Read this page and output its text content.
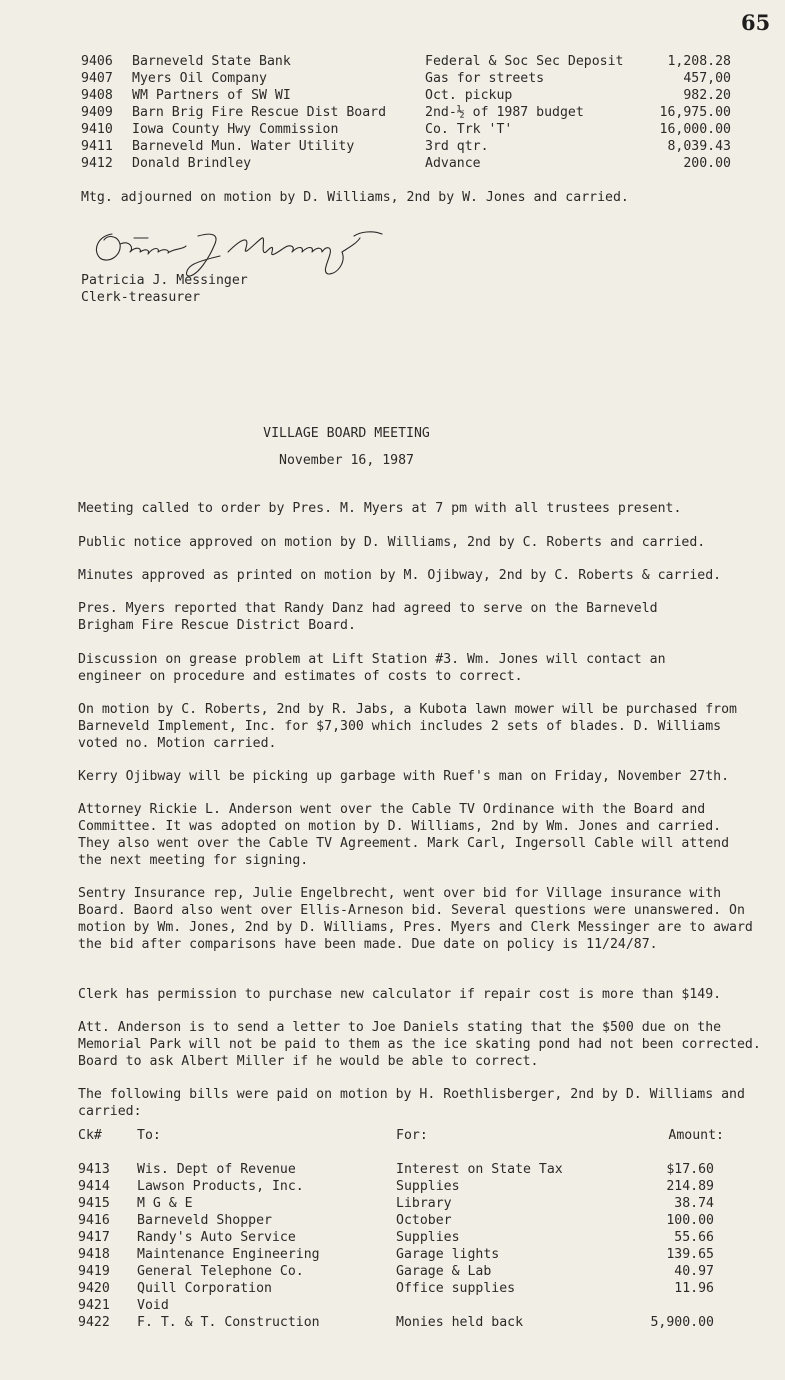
65
9406 Barneveld State Bank	Federal & Soc Sec Deposit	1,208.28
9407 Myers Oil Company	Gas for streets	457,00
9408 WM Partners of SW WI	Oct. pickup	982.20
9409 Barn Brig Fire Rescue Dist Board	2nd-½ of 1987 budget	16,975.00
9410 Iowa County Hwy Commission	Co. Trk 'T'	16,000.00
9411 Barneveld Mun. Water Utility	3rd qtr.	8,039.43
9412 Donald Brindley	Advance	200.00
Mtg. adjourned on motion by D. Williams, 2nd by W. Jones and carried.
Patricia J. Messinger
Clerk-treasurer
VILLAGE BOARD MEETING
November 16, 1987
Meeting called to order by Pres. M. Myers at 7 pm with all trustees present.
Public notice approved on motion by D. Williams, 2nd by C. Roberts and carried.
Minutes approved as printed on motion by M. Ojibway, 2nd by C. Roberts & carried.
Pres. Myers reported that Randy Danz had agreed to serve on the Barneveld Brigham Fire Rescue District Board.
Discussion on grease problem at Lift Station #3. Wm. Jones will contact an engineer on procedure and estimates of costs to correct.
On motion by C. Roberts, 2nd by R. Jabs, a Kubota lawn mower will be purchased from Barneveld Implement, Inc. for $7,300 which includes 2 sets of blades. D. Williams voted no. Motion carried.
Kerry Ojibway will be picking up garbage with Ruef's man on Friday, November 27th.
Attorney Rickie L. Anderson went over the Cable TV Ordinance with the Board and Committee. It was adopted on motion by D. Williams, 2nd by Wm. Jones and carried. They also went over the Cable TV Agreement. Mark Carl, Ingersoll Cable will attend the next meeting for signing.
Sentry Insurance rep, Julie Engelbrecht, went over bid for Village insurance with Board. Baord also went over Ellis-Arneson bid. Several questions were unanswered. On motion by Wm. Jones, 2nd by D. Williams, Pres. Myers and Clerk Messinger are to award the bid after comparisons have been made. Due date on policy is 11/24/87.
Clerk has permission to purchase new calculator if repair cost is more than $149.
Att. Anderson is to send a letter to Joe Daniels stating that the $500 due on the Memorial Park will not be paid to them as the ice skating pond had not been corrected. Board to ask Albert Miller if he would be able to correct.
The following bills were paid on motion by H. Roethlisberger, 2nd by D. Williams and carried:
Ck#	To:	For:	Amount:
9413 Wis. Dept of Revenue	Interest on State Tax	$17.60
9414 Lawson Products, Inc.	Supplies	214.89
9415 M G & E	Library	38.74
9416 Barneveld Shopper	October	100.00
9417 Randy's Auto Service	Supplies	55.66
9418 Maintenance Engineering	Garage lights	139.65
9419 General Telephone Co.	Garage & Lab	40.97
9420 Quill Corporation	Office supplies	11.96
9421 Void
9422 F. T. & T. Construction	Monies held back	5,900.00
